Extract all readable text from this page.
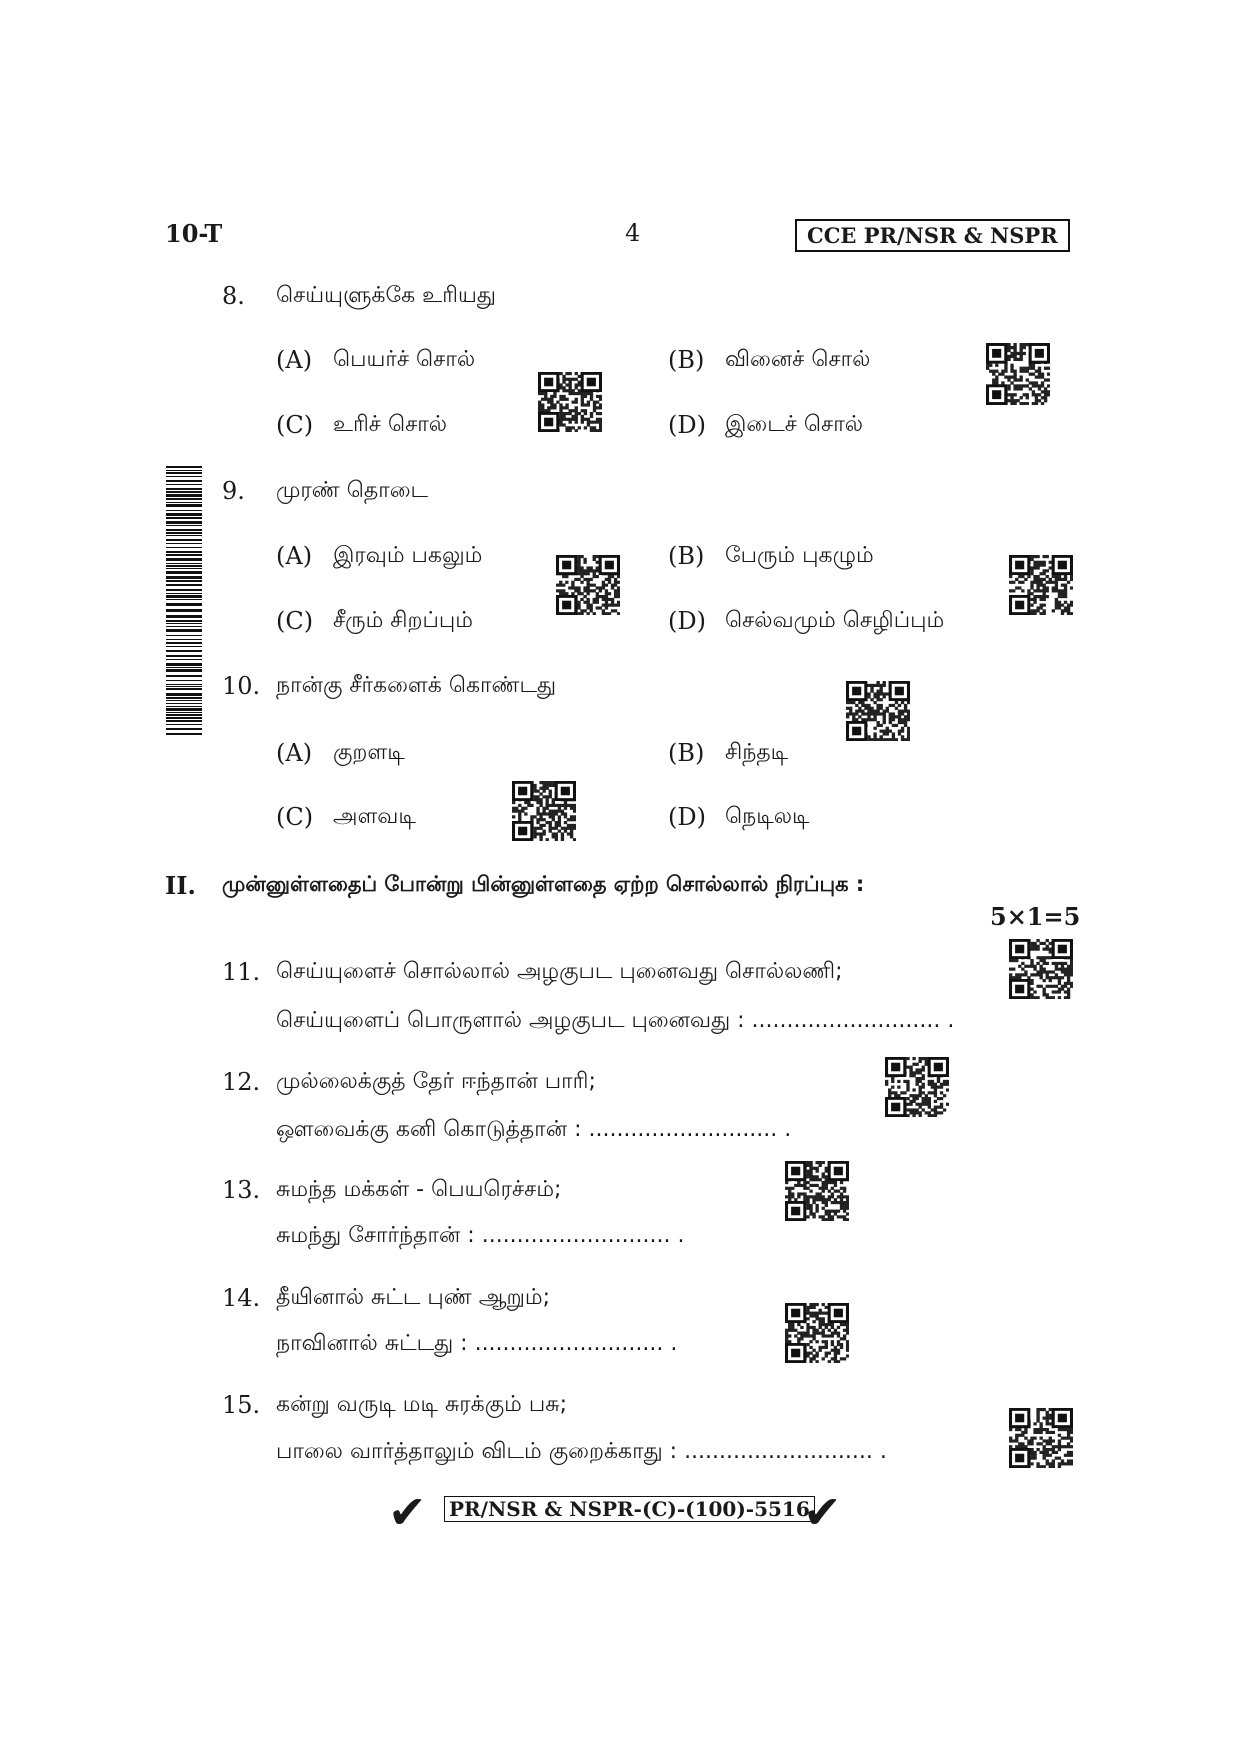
10-T	4	CCE PR/NSR & NSPR
8. செய்யுளுக்கே உரியது
(A) பெயர்ச் சொல்	(B) வினைச் சொல்
(C) உரிச் சொல்	(D) இடைச் சொல்
9. முரண் தொடை
(A) இரவும் பகலும்	(B) பேரும் புகழும்
(C) சீரும் சிறப்பும்	(D) செல்வமும் செழிப்பும்
10. நான்கு சீர்களைக் கொண்டது
(A) குறளடி	(B) சிந்தடி
(C) அளவடி	(D) நெடிலடி
II. முன்னுள்ளதைப் போன்று பின்னுள்ளதை ஏற்ற சொல்லால் நிரப்புக :
5×1=5
11. செய்யுளைச் சொல்லால் அழகுபட புனைவது சொல்லணி;
செய்யுளைப் பொருளால் அழகுபட புனைவது : ........................... .
12. முல்லைக்குத் தேர் ஈந்தான் பாரி;
ஔவைக்கு கனி கொடுத்தான் : ........................... .
13. சுமந்த மக்கள் - பெயரெச்சம்;
சுமந்து சோர்ந்தான் : ........................... .
14. தீயினால் சுட்ட புண் ஆறும்;
நாவினால் சுட்டது : ........................... .
15. கன்று வருடி மடி சுரக்கும் பசு;
பாலை வார்த்தாலும் விடம் குறைக்காது : ........................... .
✔ PR/NSR & NSPR-(C)-(100)-5516
✔
